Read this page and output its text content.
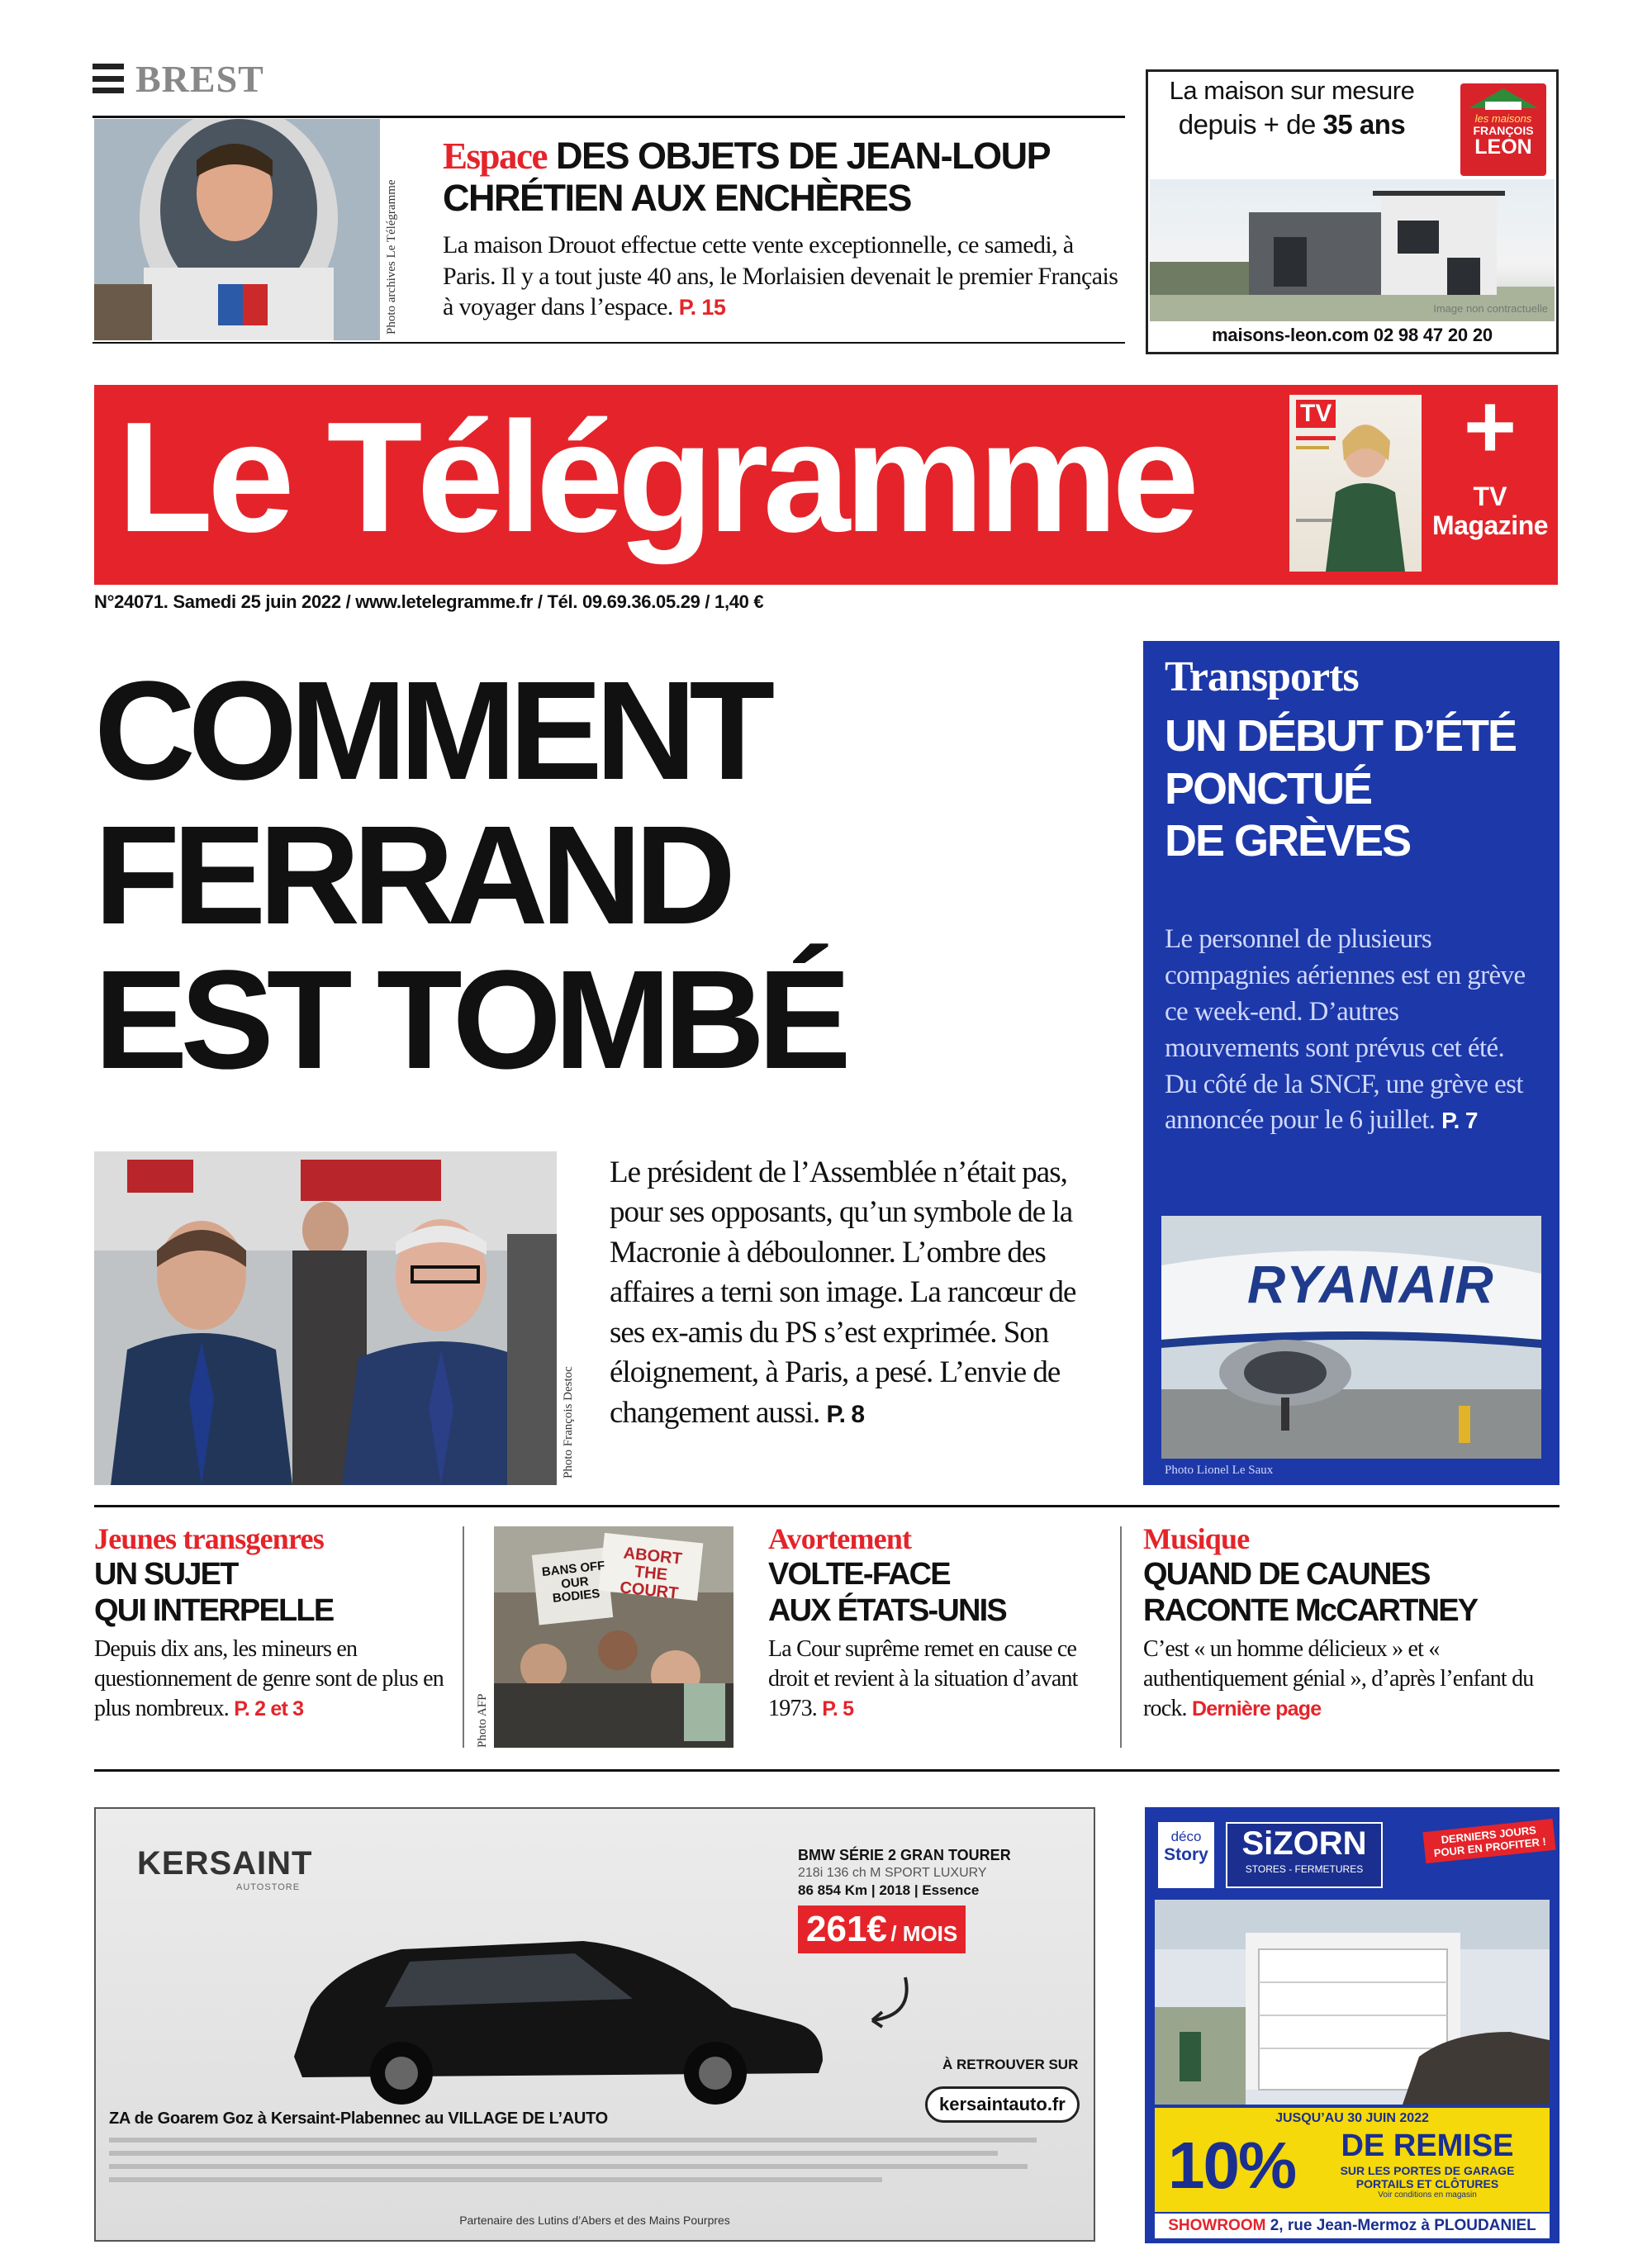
BREST
Photo archives Le Télégramme
Espace DES OBJETS DE JEAN-LOUP CHRÉTIEN AUX ENCHÈRES
La maison Drouot effectue cette vente exceptionnelle, ce samedi, à Paris. Il y a tout juste 40 ans, le Morlaisien devenait le premier Français à voyager dans l’espace. P. 15
La maison sur mesure
depuis + de 35 ans	les maisons
FRANÇOIS
LEON
Image non contractuelle
maisons-leon.com 02 98 47 20 20
Le Télégramme	TV +
TV
Magazine
N°24071. Samedi 25 juin 2022 / www.letelegramme.fr / Tél. 09.69.36.05.29 / 1,40 €
COMMENT
FERRAND
EST TOMBÉ
Photo François Destoc
Le président de l’Assemblée n’était pas, pour ses opposants, qu’un symbole de la Macronie à déboulonner. L’ombre des affaires a terni son image. La rancœur de ses ex-amis du PS s’est exprimée. Son éloignement, à Paris, a pesé. L’envie de changement aussi. P. 8
Transports
UN DÉBUT D’ÉTÉ
PONCTUÉ
DE GRÈVES
Le personnel de plusieurs compagnies aériennes est en grève ce week-end. D’autres mouvements sont prévus cet été. Du côté de la SNCF, une grève est annoncée pour le 6 juillet. P. 7
RYANAIR
Photo Lionel Le Saux
Jeunes transgenres
UN SUJET
QUI INTERPELLE
Depuis dix ans, les mineurs en questionnement de genre sont de plus en plus nombreux. P. 2 et 3
BANS OFF OUR BODIES
ABORT THE COURT
Photo AFP
Avortement
VOLTE-FACE
AUX ÉTATS-UNIS
La Cour suprême remet en cause ce droit et revient à la situation d’avant 1973. P. 5
Musique
QUAND DE CAUNES
RACONTE McCARTNEY
C’est « un homme délicieux » et « authentiquement génial », d’après l’enfant du rock. Dernière page
KERSAINT
AUTOSTORE
BMW SÉRIE 2 GRAN TOURER
218i 136 ch M SPORT LUXURY
86 854 Km | 2018 | Essence
261€ / MOIS
À RETROUVER SUR
kersaintauto.fr
ZA de Goarem Goz à Kersaint-Plabennec au VILLAGE DE L’AUTO
Partenaire des Lutins d’Abers et des Mains Pourpres
déco
Story	SiZORN
STORES - FERMETURES
DERNIERS JOURS POUR EN PROFITER !
JUSQU’AU 30 JUIN 2022
10%	DE REMISE
SUR LES PORTES DE GARAGE
PORTAILS ET CLÔTURES
Voir conditions en magasin
SHOWROOM 2, rue Jean-Mermoz à PLOUDANIEL
